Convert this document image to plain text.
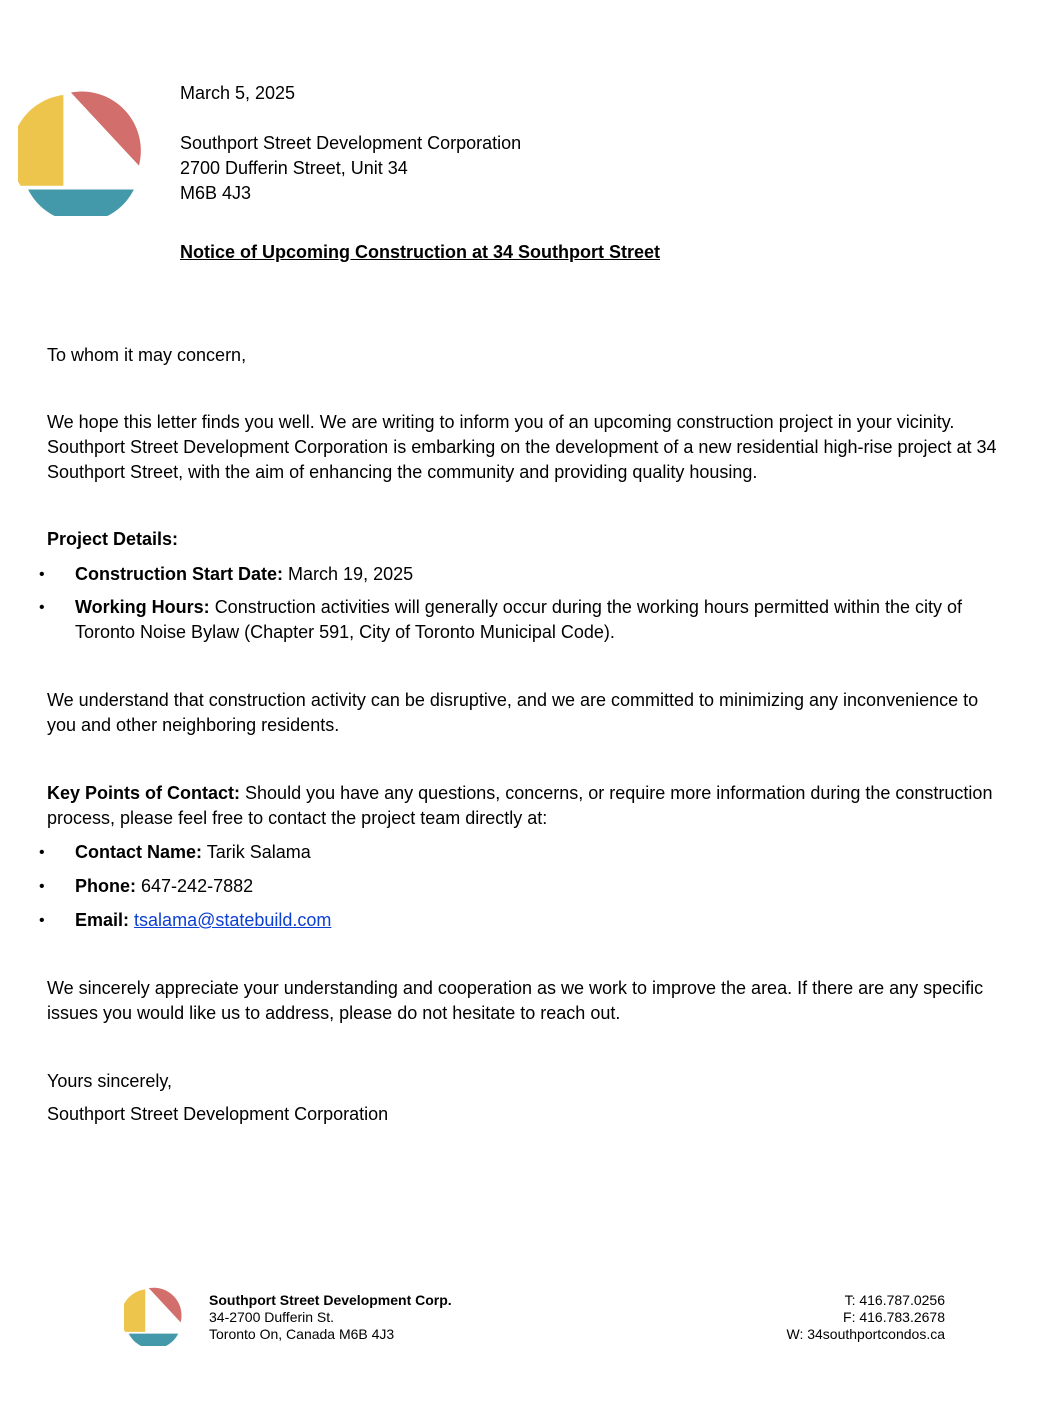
March 5, 2025
Southport Street Development Corporation
2700 Dufferin Street, Unit 34
M6B 4J3
Notice of Upcoming Construction at 34 Southport Street
To whom it may concern,
We hope this letter finds you well. We are writing to inform you of an upcoming construction project in your vicinity. Southport Street Development Corporation is embarking on the development of a new residential high-rise project at 34 Southport Street, with the aim of enhancing the community and providing quality housing.
Project Details:
• Construction Start Date: March 19, 2025
• Working Hours: Construction activities will generally occur during the working hours permitted within the city of Toronto Noise Bylaw (Chapter 591, City of Toronto Municipal Code).
We understand that construction activity can be disruptive, and we are committed to minimizing any inconvenience to you and other neighboring residents.
Key Points of Contact: Should you have any questions, concerns, or require more information during the construction process, please feel free to contact the project team directly at:
• Contact Name: Tarik Salama
• Phone: 647-242-7882
• Email: tsalama@statebuild.com
We sincerely appreciate your understanding and cooperation as we work to improve the area. If there are any specific issues you would like us to address, please do not hesitate to reach out.
Yours sincerely,
Southport Street Development Corporation
Southport Street Development Corp.
34-2700 Dufferin St.
Toronto On, Canada M6B 4J3
T: 416.787.0256
F: 416.783.2678
W: 34southportcondos.ca
